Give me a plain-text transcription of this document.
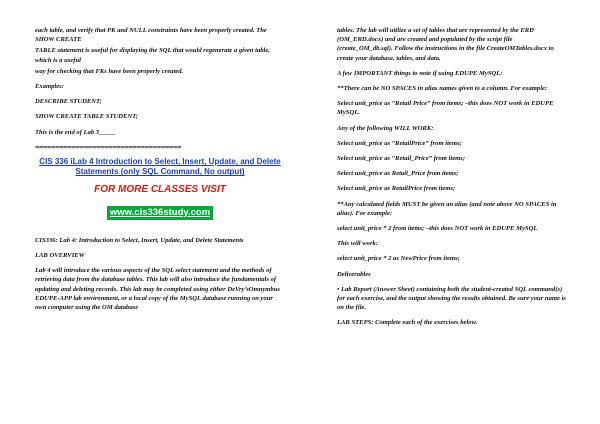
each table, and verify that PK and NULL constraints have been properly created. The SHOW CREATE

TABLE statement is useful for displaying the SQL that would regenerate a given table, which is a useful

way for checking that FKs have been properly created.

Examples:

DESCRIBE STUDENT;

SHOW CREATE TABLE STUDENT;

This is the end of Lab 3_____

====================================
CIS 336 iLab 4 Introduction to Select, Insert, Update, and Delete Statements (only SQL Command, No output)
FOR MORE CLASSES VISIT
www.cis336study.com

CIS336: Lab 4: Introduction to Select, Insert, Update, and Delete Statements

LAB OVERVIEW

Lab 4 will introduce the various aspects of the SQL select statement and the methods of retrieving data from the database tables. This lab will also introduce the fundamentals of updating and deleting records. This lab may be completed using either DeVry’sOmnymbus EDUPE-APP lab environment, or a local copy of the MySQL database running on your own computer using the OM database

tables. The lab will utilize a set of tables that are represented by the ERD (OM_ERD.docx) and are created and populated by the script file (create_OM_db.sql). Follow the instructions in the file CreateOMTables.docx to create your database, tables, and data.

A few IMPORTANT things to note if using EDUPE MySQL:

**There can be NO SPACES in alias names given to a column. For example:

Select unit_price as “Retail Price” from items; –this does NOT work in EDUPE MySQL.

Any of the following WILL WORK:

Select unit_price as “RetailPrice” from items;

Select unit_price as “Retail_Price” from items;

Select unit_price as Retail_Price from items;

Select unit_price as RetailPrice from items;

**Any calculated fields MUST be given an alias (and note above NO SPACES in alias). For example:

select unit_price * 2 from items; –this does NOT work in EDUPE MySQL

This will work:

select unit_price * 2 as NewPrice from items;

Deliverables

• Lab Report (Answer Sheet) containing both the student-created SQL command(s) for each exercise, and the output showing the results obtained. Be sure your name is on the file.

LAB STEPS: Complete each of the exercises below.
